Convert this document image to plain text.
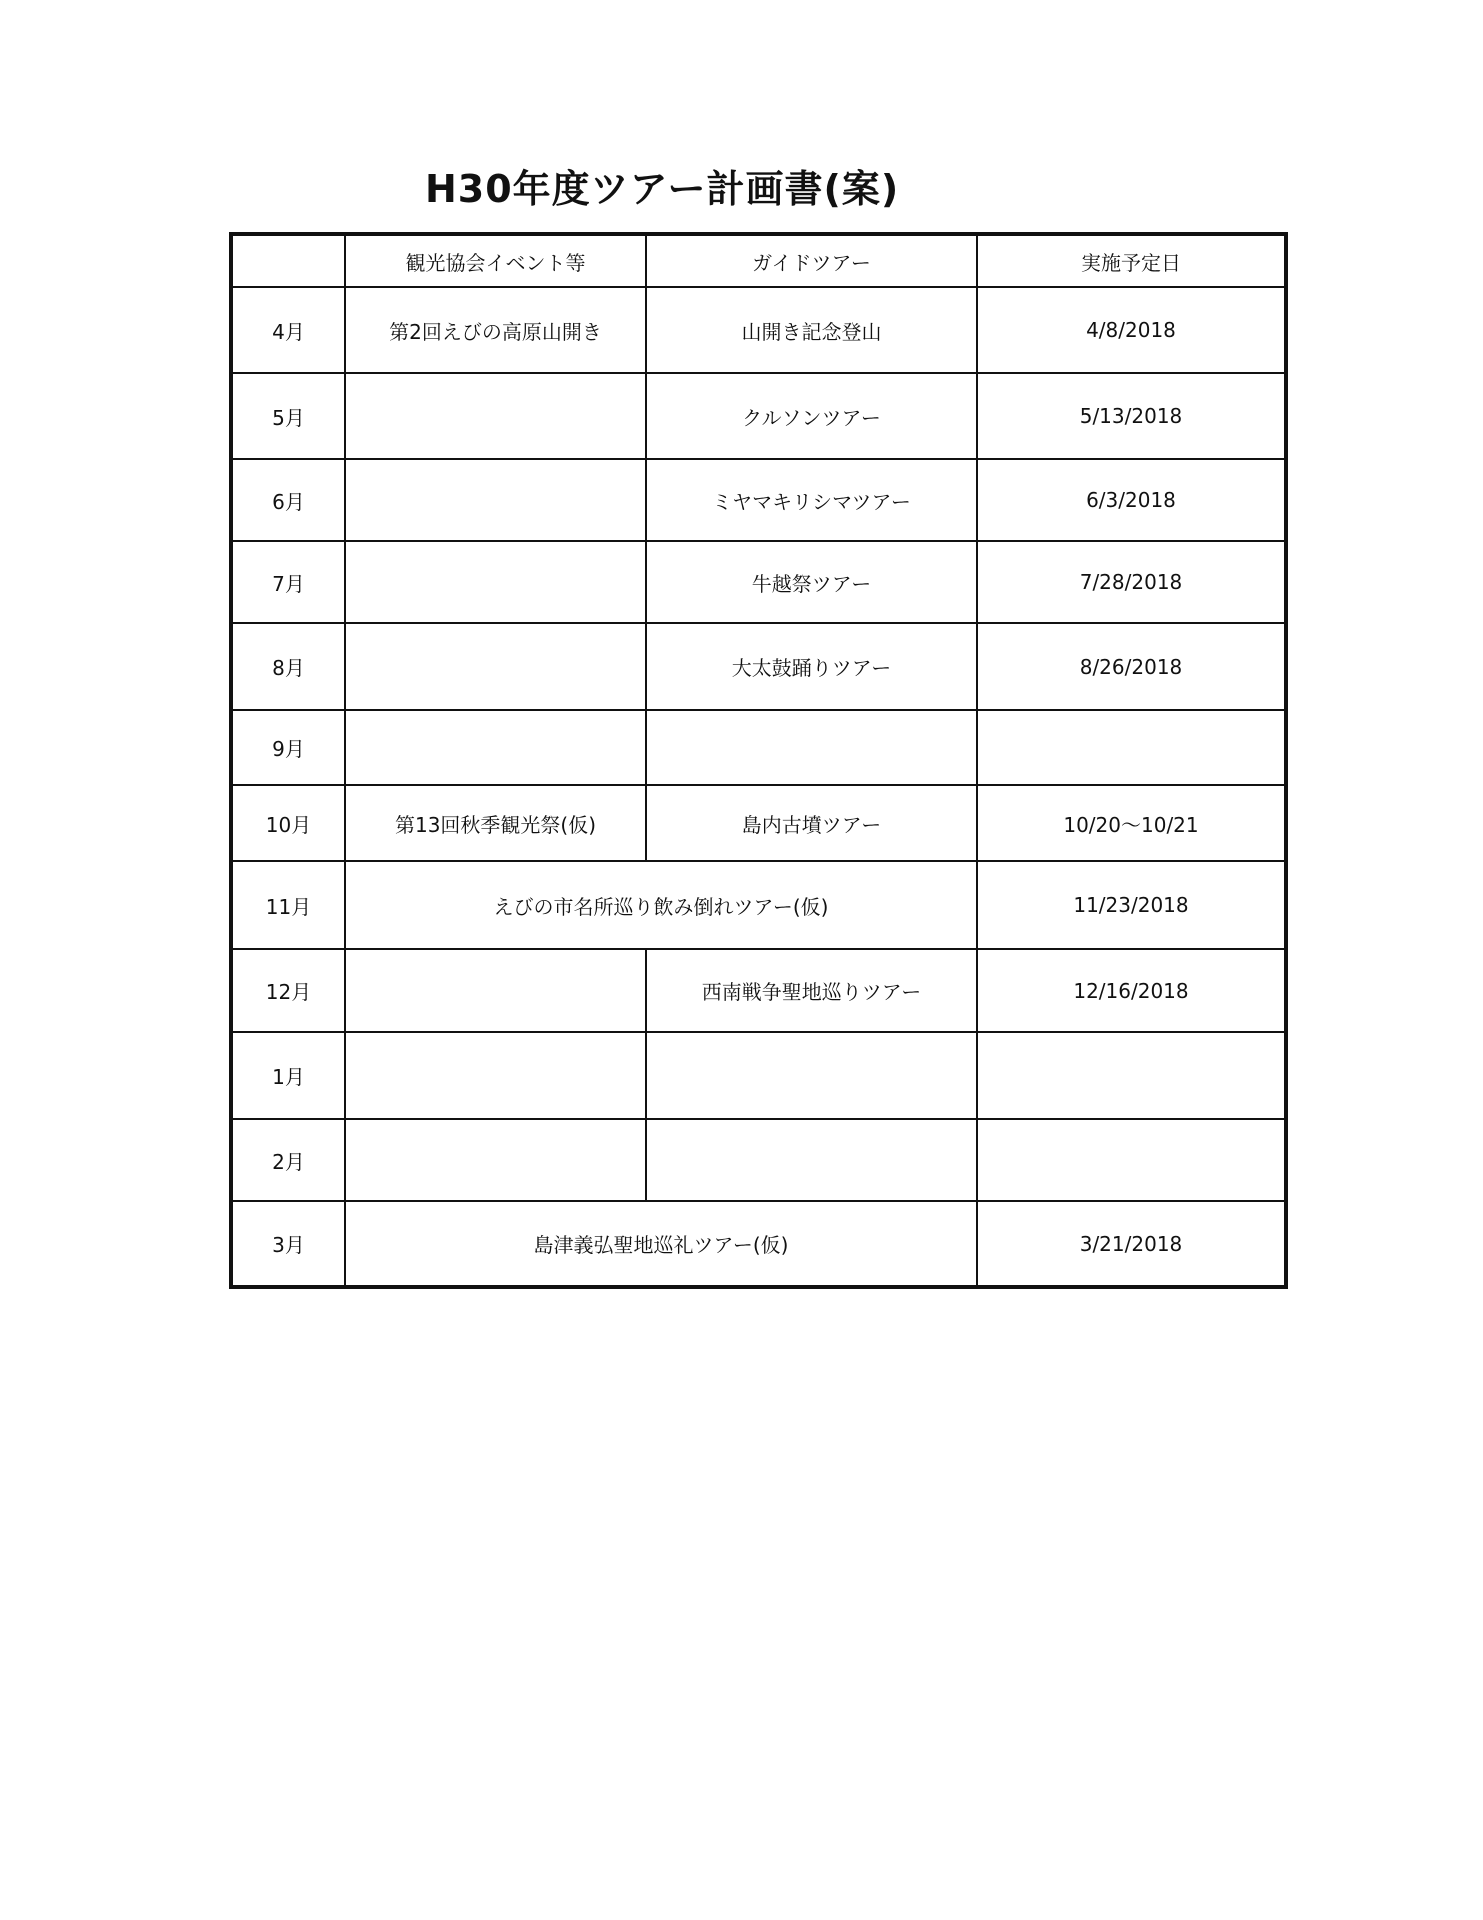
H30年度ツアー計画書(案)
	観光協会イベント等	ガイドツアー	実施予定日
4月	第2回えびの高原山開き	山開き記念登山	4/8/2018
5月		クルソンツアー	5/13/2018
6月		ミヤマキリシマツアー	6/3/2018
7月		牛越祭ツアー	7/28/2018
8月		大太鼓踊りツアー	8/26/2018
9月			
10月	第13回秋季観光祭(仮)	島内古墳ツアー	10/20〜10/21
11月	えびの市名所巡り飲み倒れツアー(仮)		11/23/2018
12月		西南戦争聖地巡りツアー	12/16/2018
1月			
2月			
3月	島津義弘聖地巡礼ツアー(仮)		3/21/2018
